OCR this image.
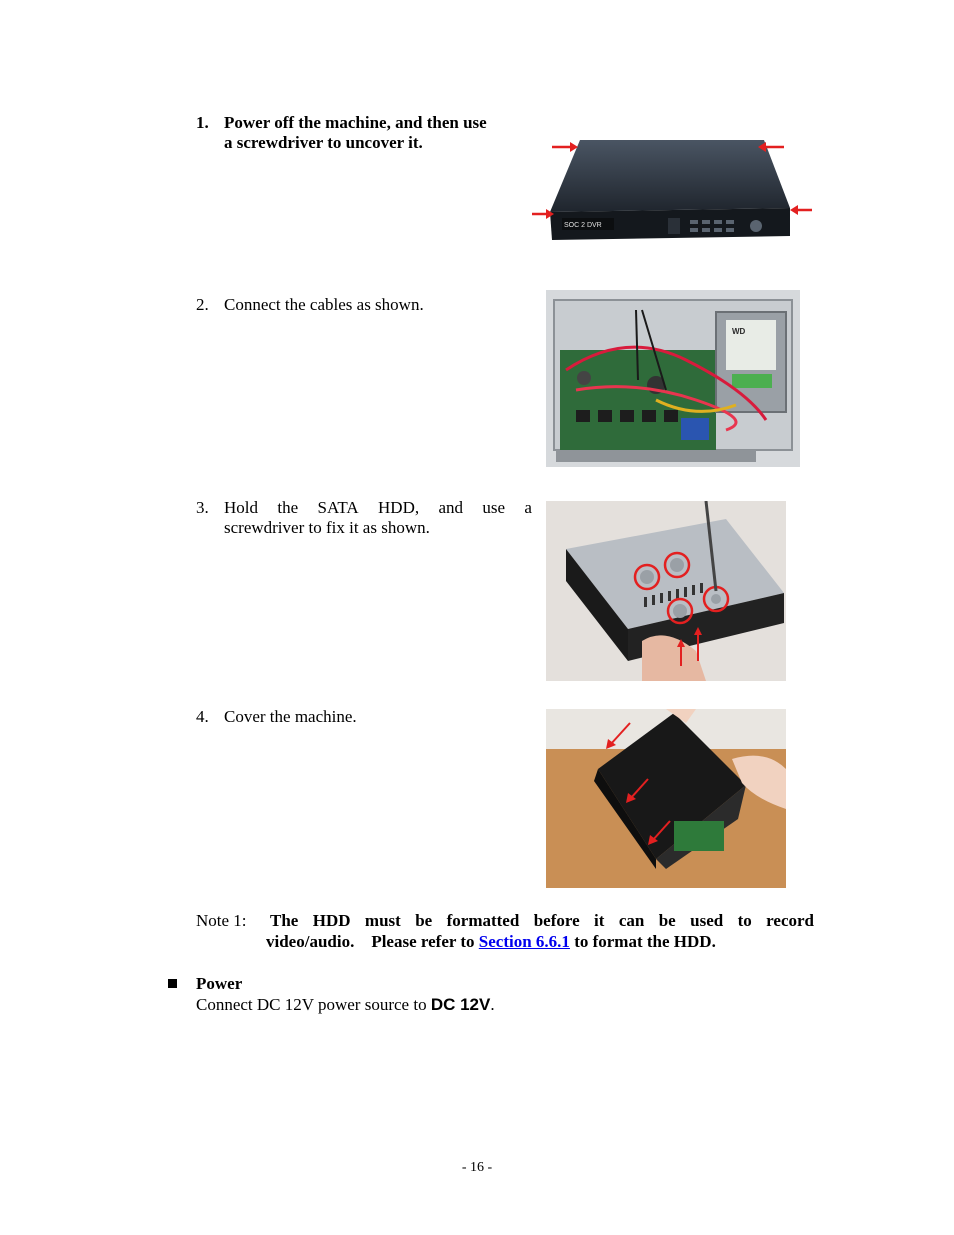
1. Power off the machine, and then use
a screwdriver to uncover it.
SOC 2 DVR
2. Connect the cables as shown.
WD
3. Hold the SATA HDD, and use a
screwdriver to fix it as shown.
4. Cover the machine.
Note 1:	The HDD must be formatted before it can be used to record
video/audio.    Please refer to Section 6.6.1 to format the HDD.
Power
Connect DC 12V power source to DC 12V.
- 16 -
